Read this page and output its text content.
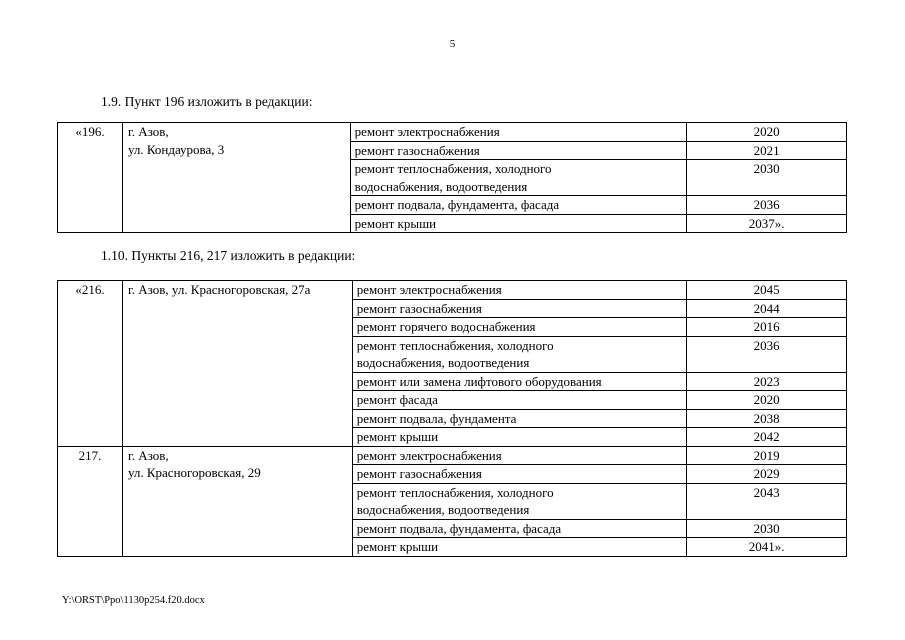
5
1.9. Пункт 196 изложить в редакции:
«196.	г. Азов,
ул. Кондаурова, 3	ремонт электроснабжения	2020

		ремонт газоснабжения	2021

		ремонт теплоснабжения, холодного
водоснабжения, водоотведения	2030

		ремонт подвала, фундамента, фасада	2036

		ремонт крыши	2037».
1.10. Пункты 216, 217 изложить в редакции:
«216.	г. Азов, ул. Красногоровская, 27а	ремонт электроснабжения	2045

		ремонт газоснабжения	2044

		ремонт горячего водоснабжения	2016

		ремонт теплоснабжения, холодного
водоснабжения, водоотведения	2036

		ремонт или замена лифтового оборудования	2023

		ремонт фасада	2020

		ремонт подвала, фундамента	2038

		ремонт крыши	2042
217.	г. Азов,
ул. Красногоровская, 29	ремонт электроснабжения	2019

		ремонт газоснабжения	2029

		ремонт теплоснабжения, холодного
водоснабжения, водоотведения	2043

		ремонт подвала, фундамента, фасада	2030

		ремонт крыши	2041».
Y:\ORST\Ppo\1130p254.f20.docx
